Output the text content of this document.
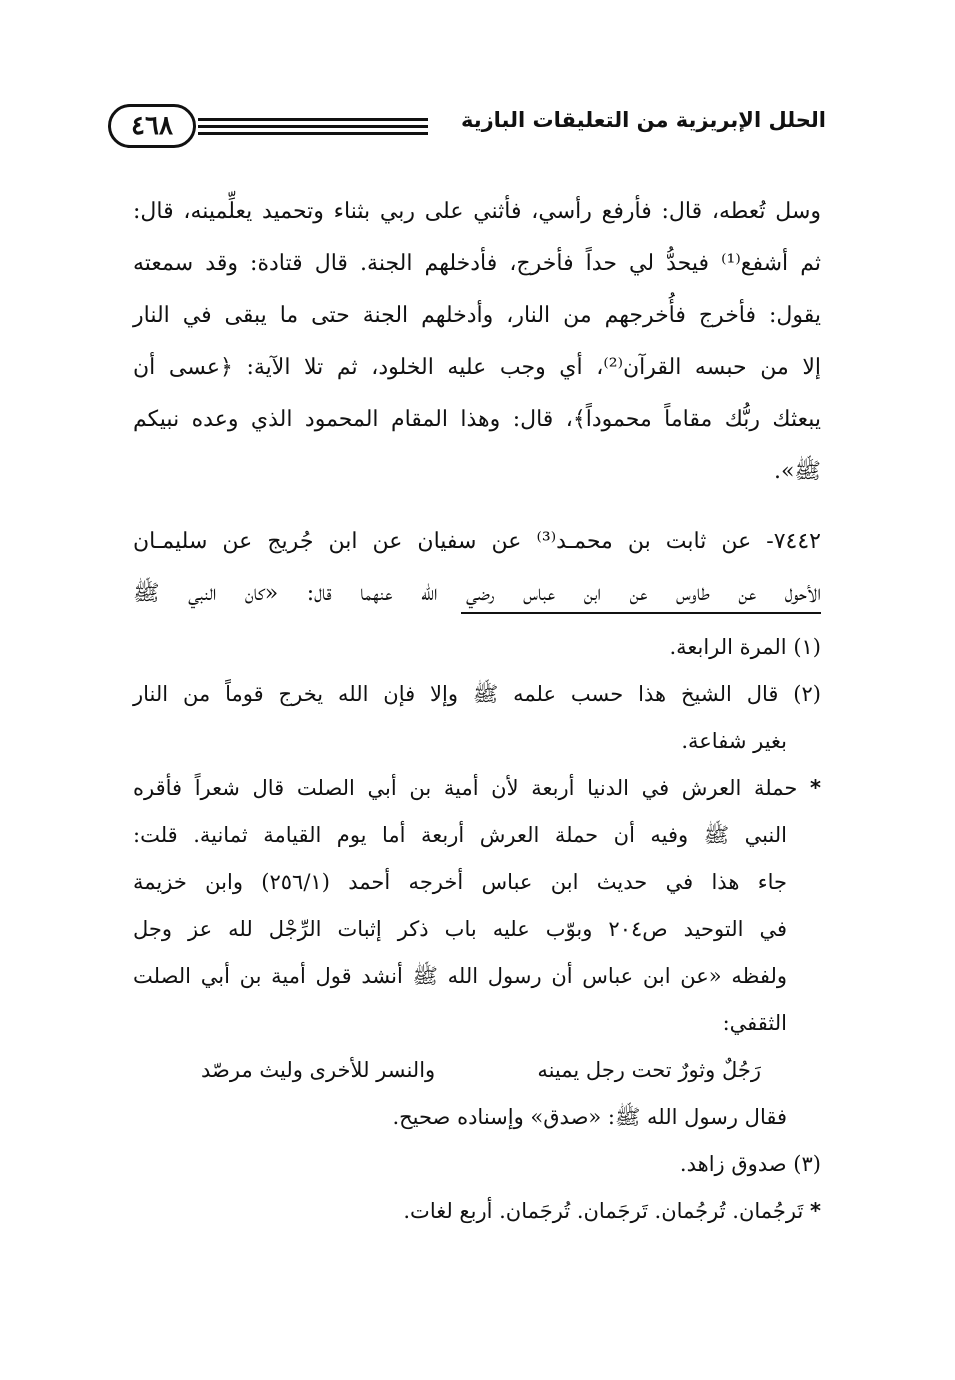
٤٦٨	الحلل الإبريزية من التعليقات البازية
وسل تُعطه، قال: فأرفع رأسي، فأثني على ربي بثناء وتحميد يعلِّمينه، قال:
ثم أشفع⁽¹⁾ فيحدُّ لي حداً فأخرج، فأدخلهم الجنة. قال قتادة: وقد سمعته
يقول: فأخرج فأُخرجهم من النار، وأدخلهم الجنة حتى ما يبقى في النار
إلا من حبسه القرآن⁽²⁾، أي وجب عليه الخلود، ثم تلا الآية: ﴿عسى أن
يبعثك ربُّك مقاماً محموداً﴾، قال: وهذا المقام المحمود الذي وعده نبيكم
ﷺ».
٧٤٤٢- عن ثابت بن محمـد⁽³⁾ عن سفيان عن ابن جُريج عن سليمـان
الأحول عن طاوس عن ابن عباس رضي الله عنهما قال: «كان النبي ﷺ
(١) المرة الرابعة.
(٢) قال الشيخ هذا حسب علمه ﷺ وإلا فإن الله يخرج قوماً من النار
بغير شفاعة.
* حملة العرش في الدنيا أربعة لأن أمية بن أبي الصلت قال شعراً فأقره
النبي ﷺ وفيه أن حملة العرش أربعة أما يوم القيامة ثمانية. قلت:
جاء هذا في حديث ابن عباس أخرجه أحمد (٢٥٦/١) وابن خزيمة
في التوحيد ص٢٠٤ وبوّب عليه باب ذكر إثبات الرِّجْل لله عز وجل
ولفظه «عن ابن عباس أن رسول الله ﷺ أنشد قول أمية بن أبي الصلت
الثقفي:
رَجُلٌ وثورٌ تحت رجل يمينه
والنسر للأخرى وليث مرصّد
فقال رسول الله ﷺ: «صدق» وإسناده صحيح.
(٣) صدوق زاهد.
* تَرجُمان. تُرجُمان. تَرجَمان. تُرجَمان. أربع لغات.
